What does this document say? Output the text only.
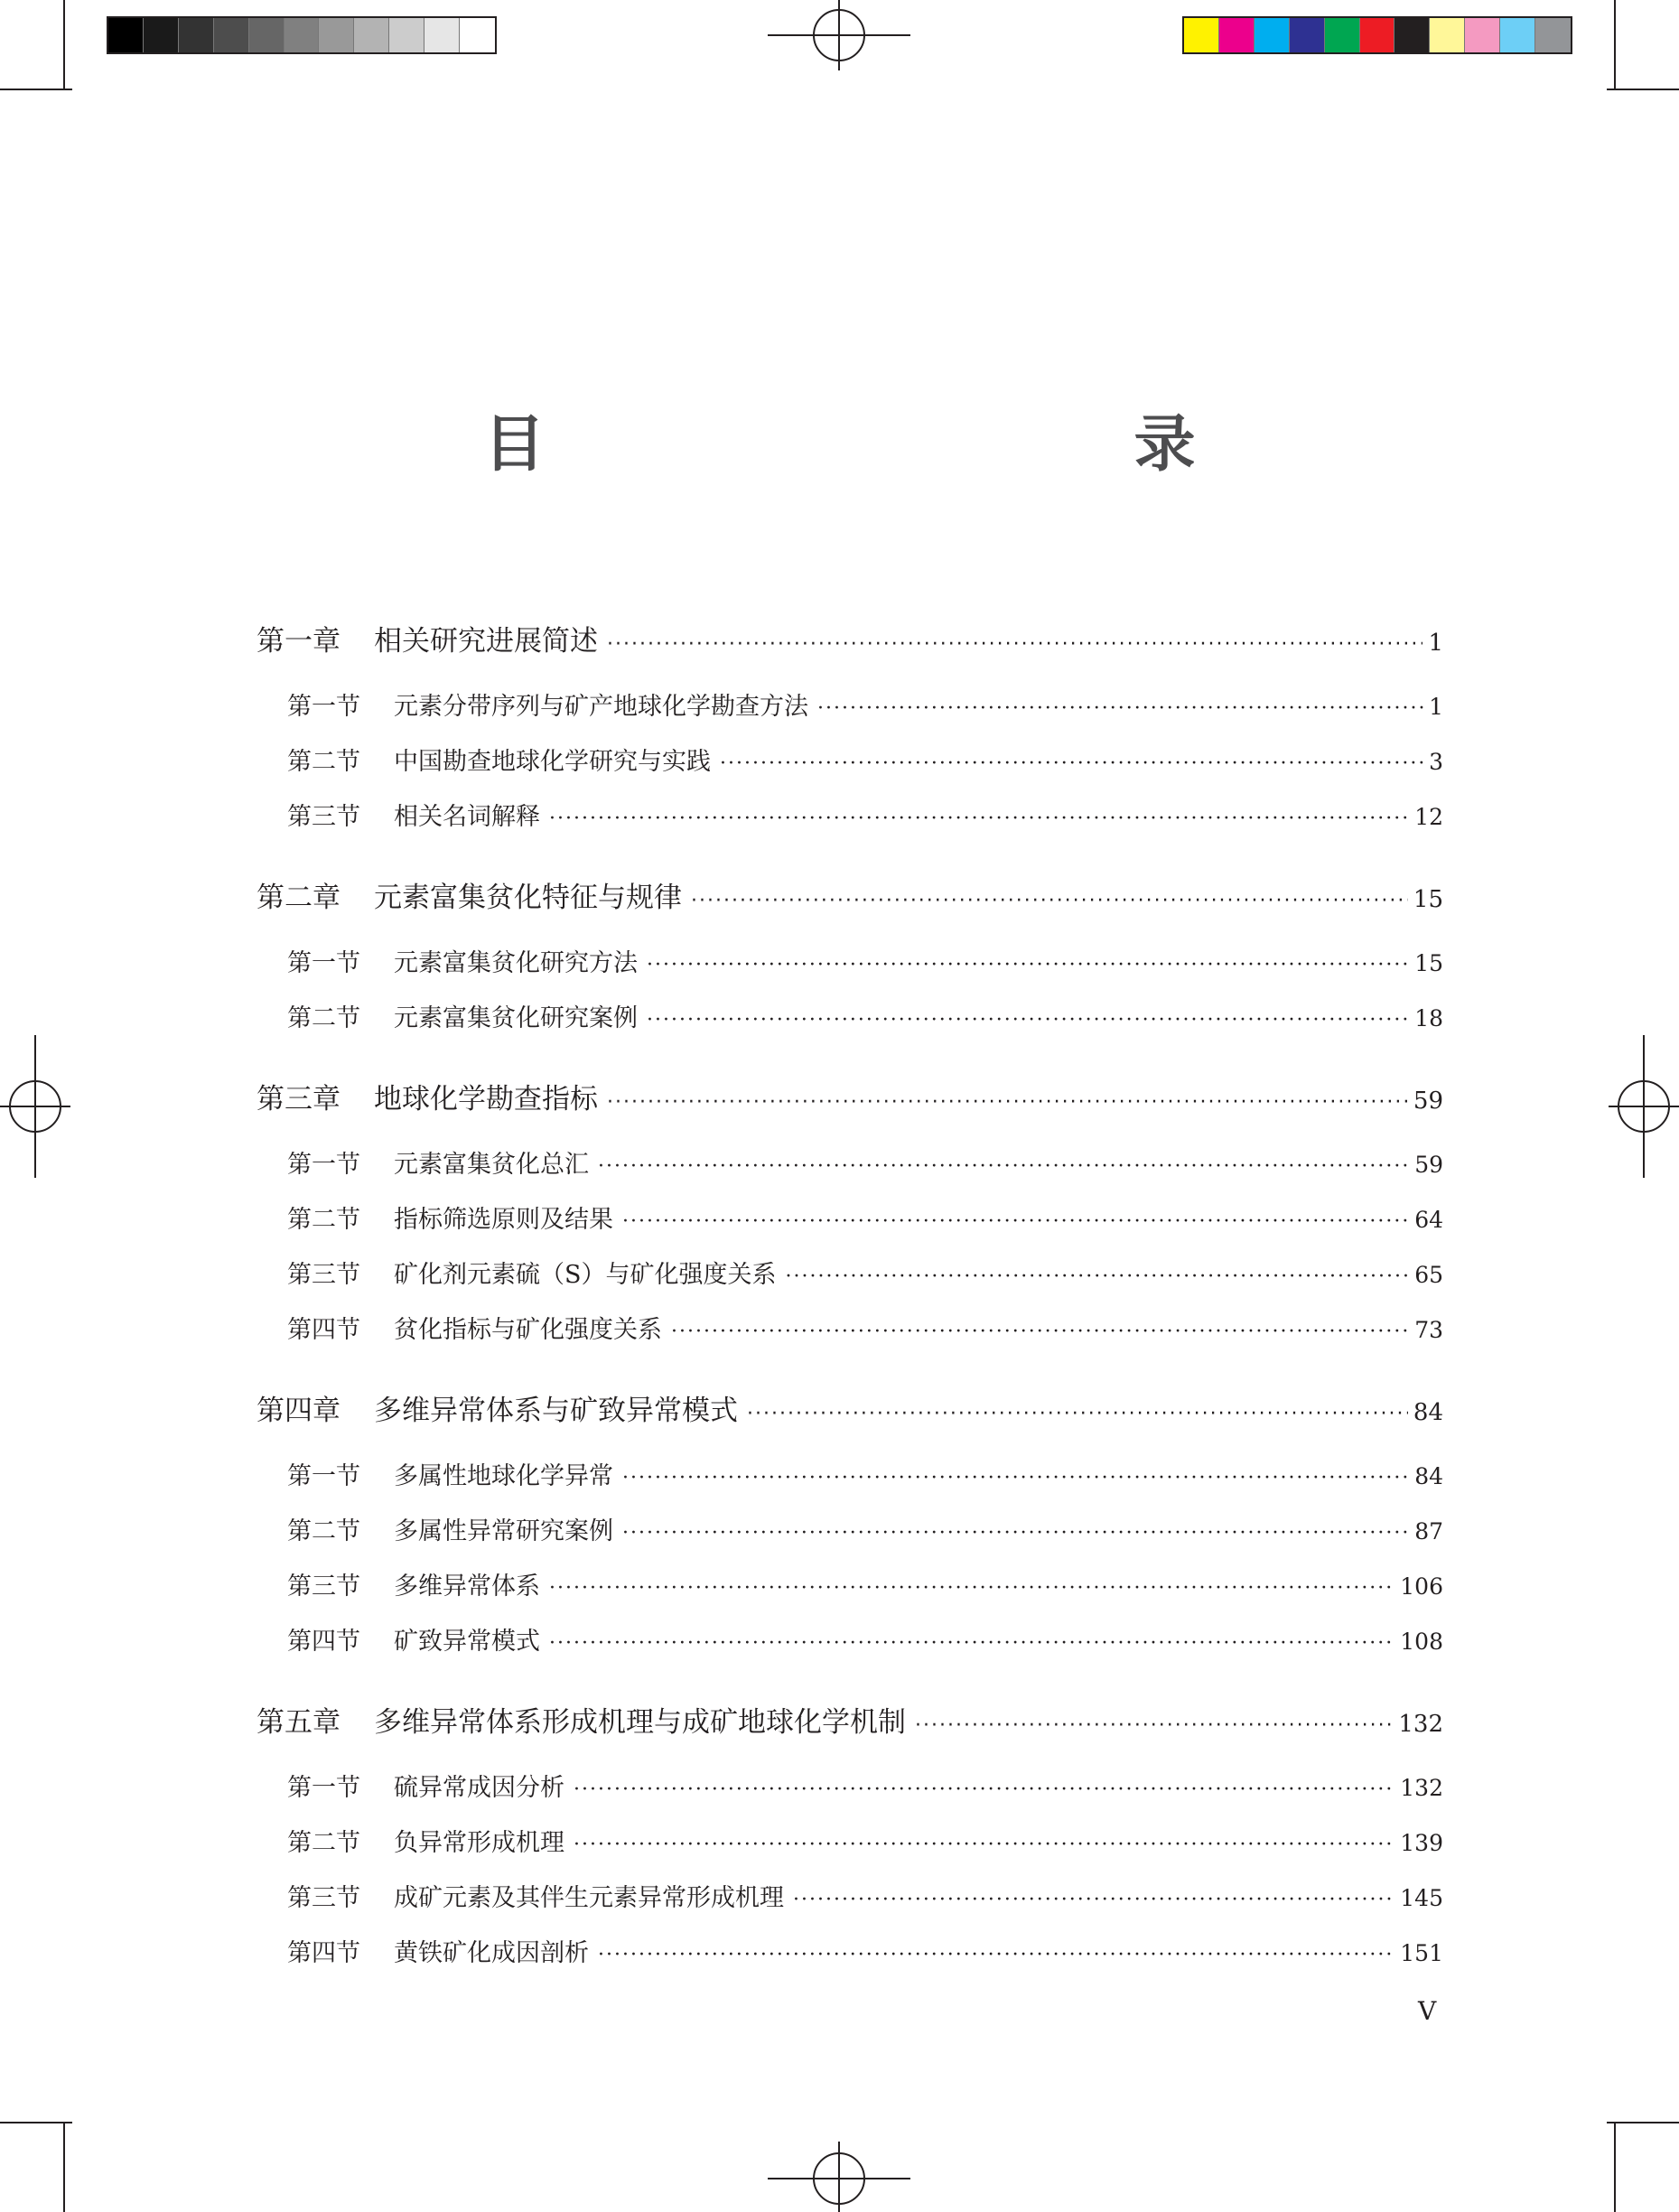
目　　录
第一章 相关研究进展简述 ·····	1
第一节 元素分带序列与矿产地球化学勘查方法 ·····	1
第二节 中国勘查地球化学研究与实践 ·····	3
第三节 相关名词解释 ·····	12
第二章 元素富集贫化特征与规律 ·····	15
第一节 元素富集贫化研究方法 ·····	15
第二节 元素富集贫化研究案例 ·····	18
第三章 地球化学勘查指标 ·····	59
第一节 元素富集贫化总汇 ·····	59
第二节 指标筛选原则及结果 ·····	64
第三节 矿化剂元素硫（S）与矿化强度关系 ·····	65
第四节 贫化指标与矿化强度关系 ·····	73
第四章 多维异常体系与矿致异常模式 ·····	84
第一节 多属性地球化学异常 ·····	84
第二节 多属性异常研究案例 ·····	87
第三节 多维异常体系 ·····	106
第四节 矿致异常模式 ·····	108
第五章 多维异常体系形成机理与成矿地球化学机制 ·····	132
第一节 硫异常成因分析 ·····	132
第二节 负异常形成机理 ·····	139
第三节 成矿元素及其伴生元素异常形成机理 ·····	145
第四节 黄铁矿化成因剖析 ·····	151
V
